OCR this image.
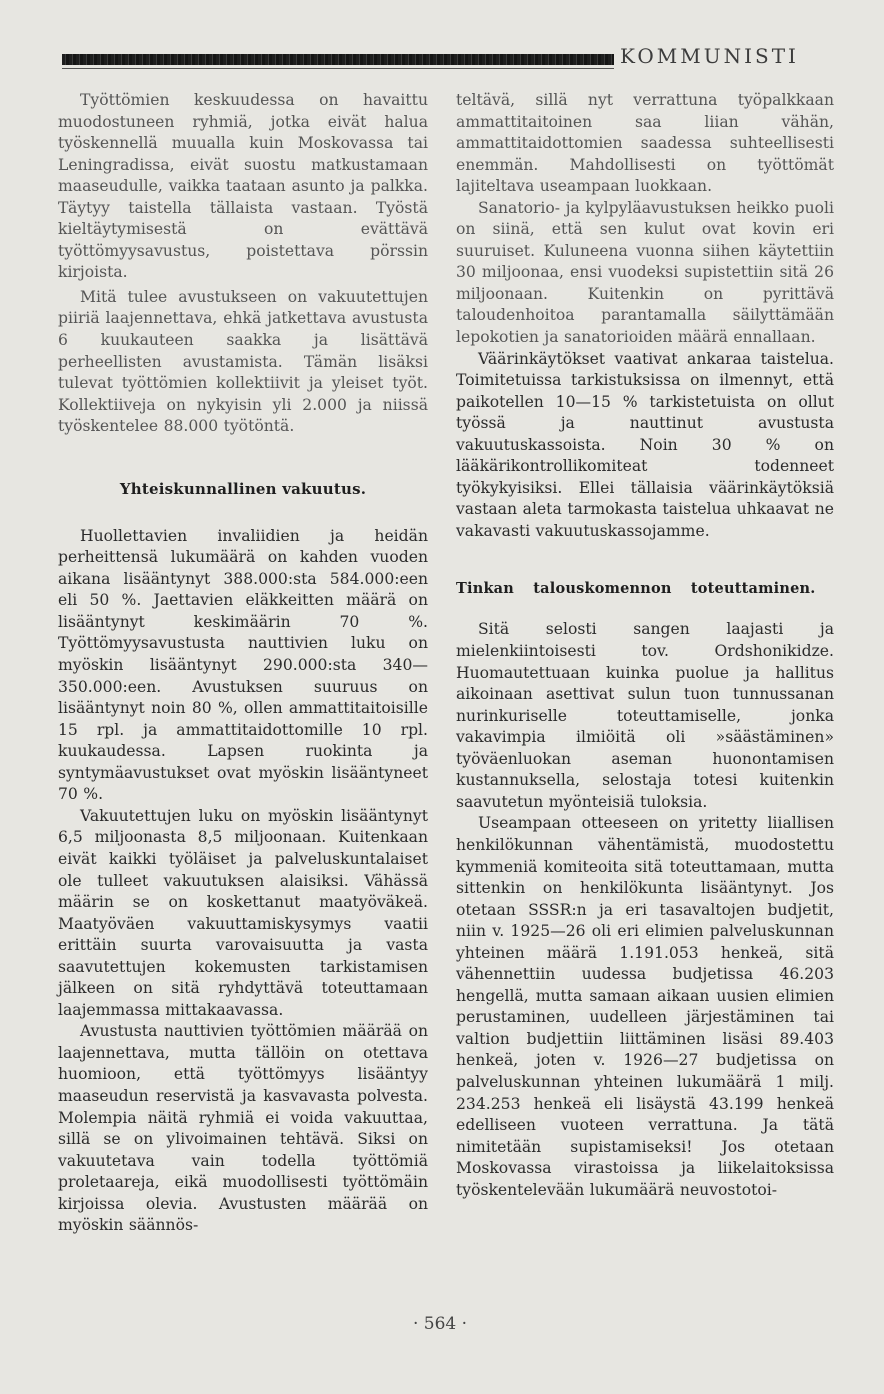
KOMMUNISTI

Työttömien keskuudessa on havaittu muodostuneen ryhmiä, jotka eivät halua työskennellä muualla kuin Moskovassa tai Leningradissa, eivät suostu matkustamaan maaseudulle, vaikka taataan asunto ja palkka. Täytyy taistella tällaista vastaan. Työstä kieltäytymisestä on evättävä työttömyysavustus, poistettava pörssin kirjoista.

Mitä tulee avustukseen on vakuutettujen piiriä laajennettava, ehkä jatkettava avustusta 6 kuukauteen saakka ja lisättävä perheellisten avustamista. Tämän lisäksi tulevat työttömien kollektiivit ja yleiset työt. Kollektiiveja on nykyisin yli 2.000 ja niissä työskentelee 88.000 työtöntä.

Yhteiskunnallinen vakuutus.

Huollettavien invaliidien ja heidän perheittensä lukumäärä on kahden vuoden aikana lisääntynyt 388.000:sta 584.000:een eli 50 %. Jaettavien eläkkeitten määrä on lisääntynyt keskimäärin 70 %. Työttömyysavustusta nauttivien luku on myöskin lisääntynyt 290.000:sta 340—350.000:een. Avustuksen suuruus on lisääntynyt noin 80 %, ollen ammattitaitoisille 15 rpl. ja ammattitaidottomille 10 rpl. kuukaudessa. Lapsen ruokinta ja syntymäavustukset ovat myöskin lisääntyneet 70 %.

Vakuutettujen luku on myöskin lisääntynyt 6,5 miljoonasta 8,5 miljoonaan. Kuitenkaan eivät kaikki työläiset ja palveluskuntalaiset ole tulleet vakuutuksen alaisiksi. Vähässä määrin se on koskettanut maatyöväkeä. Maatyöväen vakuuttamiskysymys vaatii erittäin suurta varovaisuutta ja vasta saavutettujen kokemusten tarkistamisen jälkeen on sitä ryhdyttävä toteuttamaan laajemmassa mittakaavassa.

Avustusta nauttivien työttömien määrää on laajennettava, mutta tällöin on otettava huomioon, että työttömyys lisääntyy maaseudun reservistä ja kasvavasta polvesta. Molempia näitä ryhmiä ei voida vakuuttaa, sillä se on ylivoimainen tehtävä. Siksi on vakuutetava vain todella työttömiä proletaareja, eikä muodollisesti työttömäin kirjoissa olevia. Avustusten määrää on myöskin säännös-

teltävä, sillä nyt verrattuna työpalkkaan ammattitaitoinen saa liian vähän, ammattitaidottomien saadessa suhteellisesti enemmän. Mahdollisesti on työttömät lajiteltava useampaan luokkaan.

Sanatorio- ja kylpyläavustuksen heikko puoli on siinä, että sen kulut ovat kovin eri suuruiset. Kuluneena vuonna siihen käytettiin 30 miljoonaa, ensi vuodeksi supistettiin sitä 26 miljoonaan. Kuitenkin on pyrittävä taloudenhoitoa parantamalla säilyttämään lepokotien ja sanatorioiden määrä ennallaan.

Väärinkäytökset vaativat ankaraa taistelua. Toimitetuissa tarkistuksissa on ilmennyt, että paikotellen 10—15 % tarkistetuista on ollut työssä ja nauttinut avustusta vakuutuskassoista. Noin 30 % on lääkärikontrollikomiteat todenneet työkykyisiksi. Ellei tällaisia väärinkäytöksiä vastaan aleta tarmokasta taistelua uhkaavat ne vakavasti vakuutuskassojamme.

Tinkan talouskomennon toteuttaminen.

Sitä selosti sangen laajasti ja mielenkiintoisesti tov. Ordshonikidze. Huomautettuaan kuinka puolue ja hallitus aikoinaan asettivat sulun tuon tunnussanan nurinkuriselle toteuttamiselle, jonka vakavimpia ilmiöitä oli »säästäminen» työväenluokan aseman huonontamisen kustannuksella, selostaja totesi kuitenkin saavutetun myönteisiä tuloksia.

Useampaan otteeseen on yritetty liiallisen henkilökunnan vähentämistä, muodostettu kymmeniä komiteoita sitä toteuttamaan, mutta sittenkin on henkilökunta lisääntynyt. Jos otetaan SSSR:n ja eri tasavaltojen budjetit, niin v. 1925—26 oli eri elimien palveluskunnan yhteinen määrä 1.191.053 henkeä, sitä vähennettiin uudessa budjetissa 46.203 hengellä, mutta samaan aikaan uusien elimien perustaminen, uudelleen järjestäminen tai valtion budjettiin liittäminen lisäsi 89.403 henkeä, joten v. 1926—27 budjetissa on palveluskunnan yhteinen lukumäärä 1 milj. 234.253 henkeä eli lisäystä 43.199 henkeä edelliseen vuoteen verrattuna. Ja tätä nimitetään supistamiseksi! Jos otetaan Moskovassa virastoissa ja liikelaitoksissa työskentelevään lukumäärä neuvostotoi-

· 564 ·
